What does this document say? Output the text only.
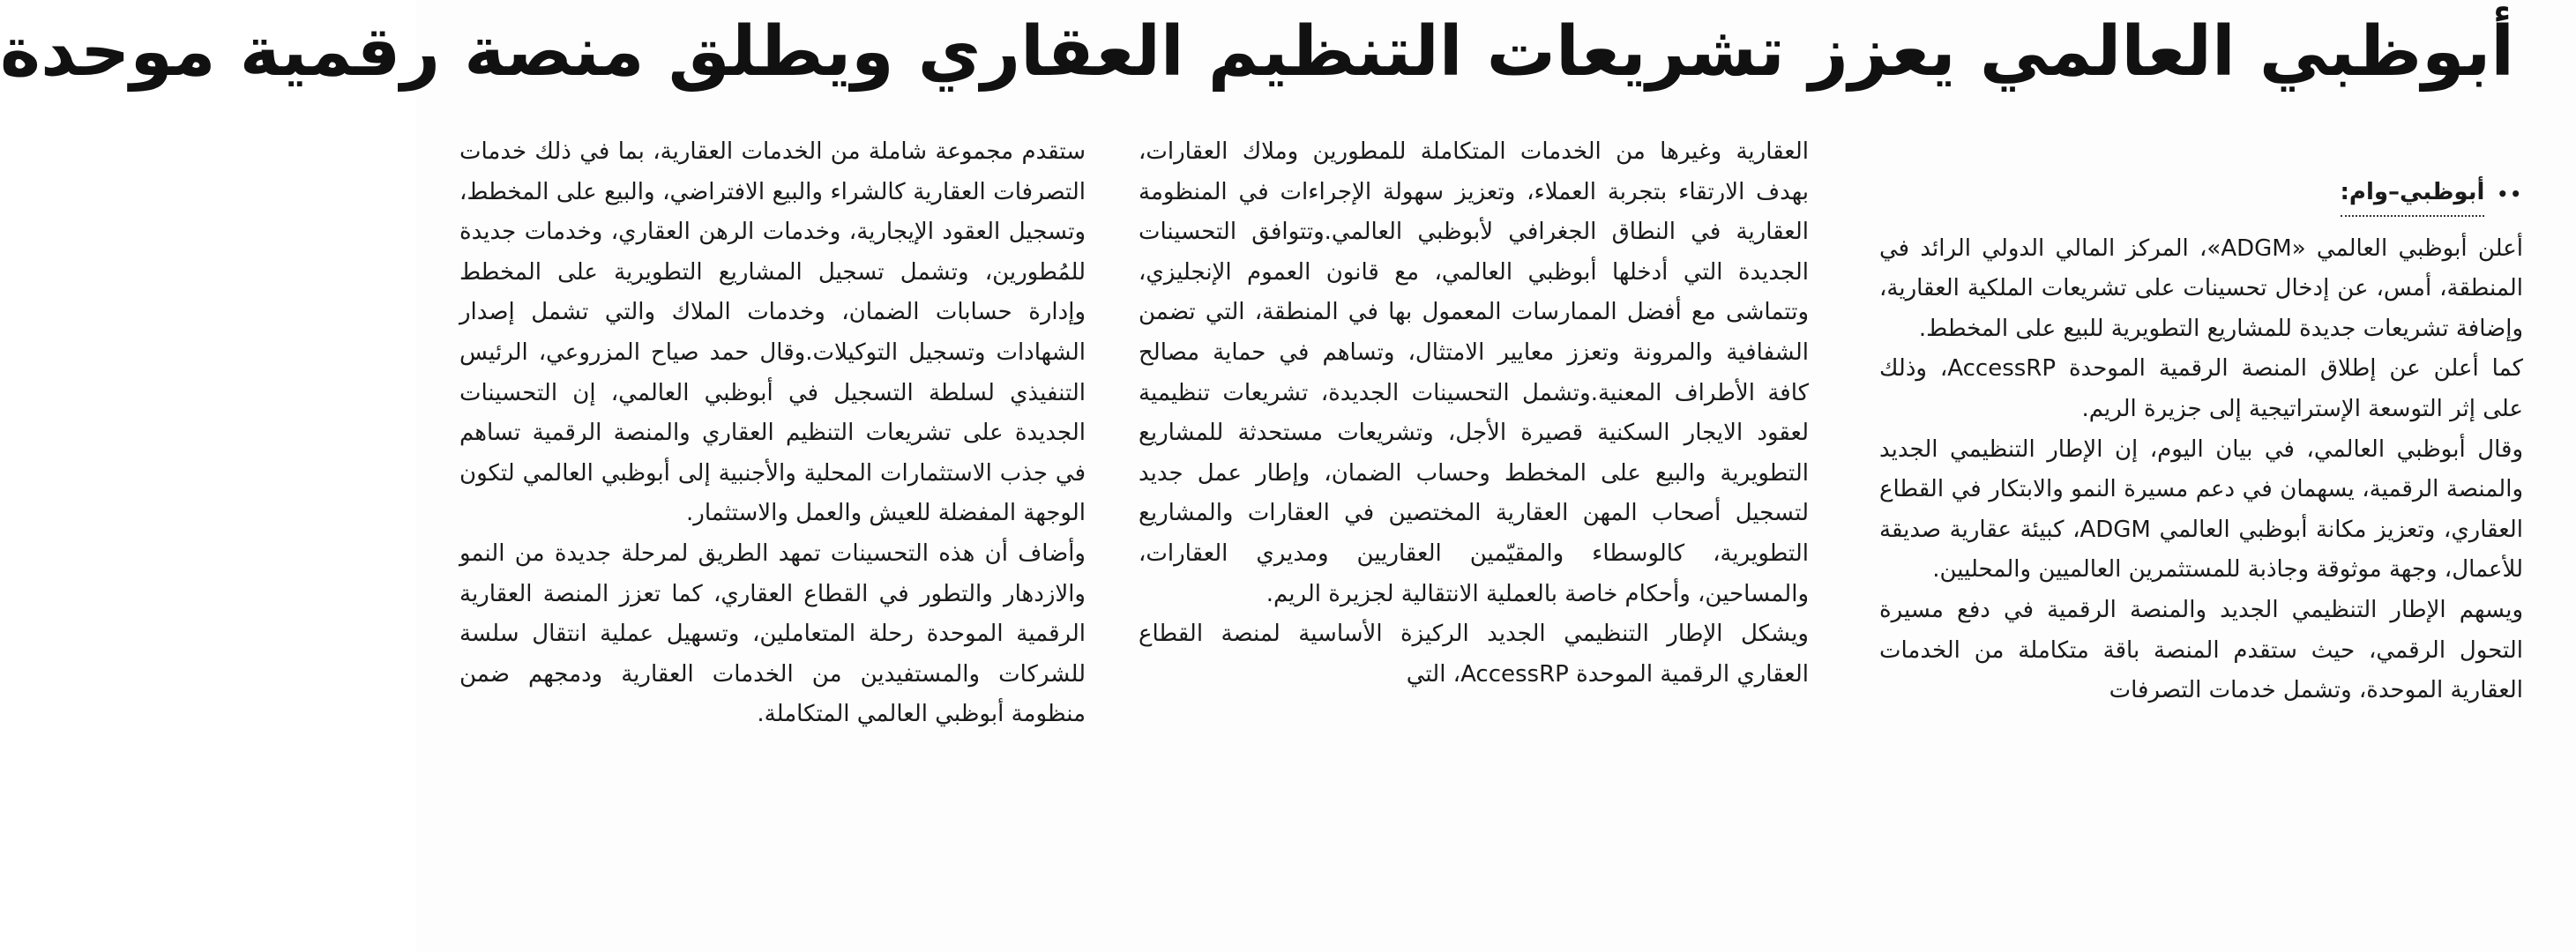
أبوظبي العالمي يعزز تشريعات التنظيم العقاري ويطلق منصة رقمية موحدة

••
أبوظبي–وام:

أعلن أبوظبي العالمي «ADGM»، المركز المالي الدولي الرائد في المنطقة، أمس، عن إدخال تحسينات على تشريعات الملكية العقارية، وإضافة تشريعات جديدة للمشاريع التطويرية للبيع على المخطط.

كما أعلن عن إطلاق المنصة الرقمية الموحدة AccessRP، وذلك على إثر التوسعة الإستراتيجية إلى جزيرة الريم.

وقال أبوظبي العالمي، في بيان اليوم، إن الإطار التنظيمي الجديد والمنصة الرقمية، يسهمان في دعم مسيرة النمو والابتكار في القطاع العقاري، وتعزيز مكانة أبوظبي العالمي ADGM، كبيئة عقارية صديقة للأعمال، وجهة موثوقة وجاذبة للمستثمرين العالميين والمحليين.

ويسهم الإطار التنظيمي الجديد والمنصة الرقمية في دفع مسيرة التحول الرقمي، حيث ستقدم المنصة باقة متكاملة من الخدمات العقارية الموحدة، وتشمل خدمات التصرفات

العقارية وغيرها من الخدمات المتكاملة للمطورين وملاك العقارات، بهدف الارتقاء بتجربة العملاء، وتعزيز سهولة الإجراءات في المنظومة العقارية في النطاق الجغرافي لأبوظبي العالمي.وتتوافق التحسينات الجديدة التي أدخلها أبوظبي العالمي، مع قانون العموم الإنجليزي، وتتماشى مع أفضل الممارسات المعمول بها في المنطقة، التي تضمن الشفافية والمرونة وتعزز معايير الامتثال، وتساهم في حماية مصالح كافة الأطراف المعنية.وتشمل التحسينات الجديدة، تشريعات تنظيمية لعقود الايجار السكنية قصيرة الأجل، وتشريعات مستحدثة للمشاريع التطويرية والبيع على المخطط وحساب الضمان، وإطار عمل جديد لتسجيل أصحاب المهن العقارية المختصين في العقارات والمشاريع التطويرية، كالوسطاء والمقيّمين العقاريين ومديري العقارات، والمساحين، وأحكام خاصة بالعملية الانتقالية لجزيرة الريم.

ويشكل الإطار التنظيمي الجديد الركيزة الأساسية لمنصة القطاع العقاري الرقمية الموحدة AccessRP، التي

ستقدم مجموعة شاملة من الخدمات العقارية، بما في ذلك خدمات التصرفات العقارية كالشراء والبيع الافتراضي، والبيع على المخطط، وتسجيل العقود الإيجارية، وخدمات الرهن العقاري، وخدمات جديدة للمُطورين، وتشمل تسجيل المشاريع التطويرية على المخطط وإدارة حسابات الضمان، وخدمات الملاك والتي تشمل إصدار الشهادات وتسجيل التوكيلات.وقال حمد صياح المزروعي، الرئيس التنفيذي لسلطة التسجيل في أبوظبي العالمي، إن التحسينات الجديدة على تشريعات التنظيم العقاري والمنصة الرقمية تساهم في جذب الاستثمارات المحلية والأجنبية إلى أبوظبي العالمي لتكون الوجهة المفضلة للعيش والعمل والاستثمار.

وأضاف أن هذه التحسينات تمهد الطريق لمرحلة جديدة من النمو والازدهار والتطور في القطاع العقاري، كما تعزز المنصة العقارية الرقمية الموحدة رحلة المتعاملين، وتسهيل عملية انتقال سلسة للشركات والمستفيدين من الخدمات العقارية ودمجهم ضمن منظومة أبوظبي العالمي المتكاملة.
